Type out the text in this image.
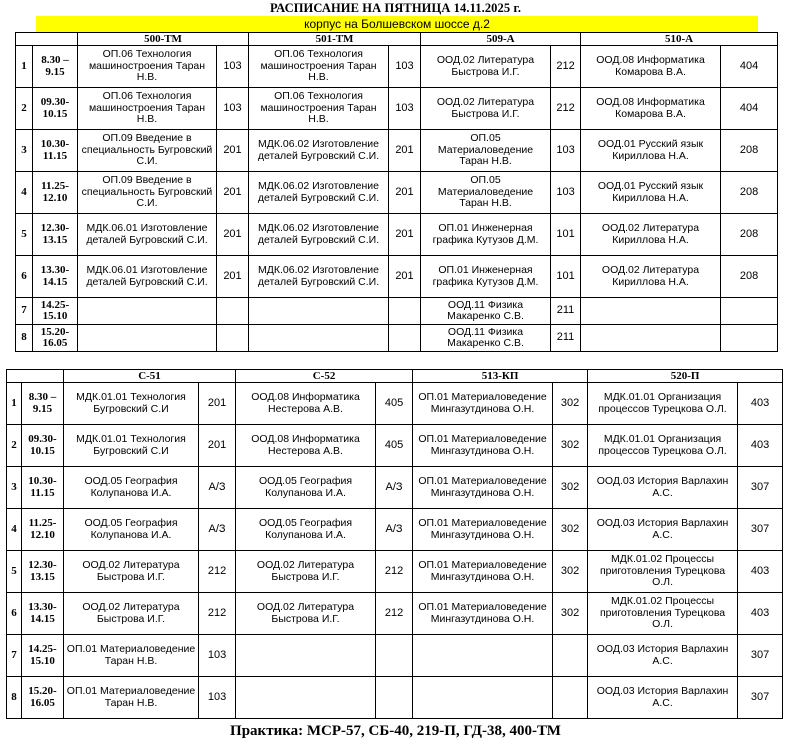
РАСПИСАНИЕ НА ПЯТНИЦА 14.11.2025 г.
корпус на Болшевском шоссе д.2
		500-ТМ		501-ТМ		509-А		510-А	
1	8.30 – 9.15	ОП.06 Технология машиностроения Таран Н.В.	103	ОП.06 Технология машиностроения Таран Н.В.	103	ООД.02 Литература Быстрова И.Г.	212	ООД.08 Информатика Комарова В.А.	404
2	09.30-10.15	ОП.06 Технология машиностроения Таран Н.В.	103	ОП.06 Технология машиностроения Таран Н.В.	103	ООД.02 Литература Быстрова И.Г.	212	ООД.08 Информатика Комарова В.А.	404
3	10.30-11.15	ОП.09 Введение в специальность Бугровский С.И.	201	МДК.06.02 Изготовление деталей Бугровский С.И.	201	ОП.05 Материаловедение Таран Н.В.	103	ООД.01 Русский язык Кириллова Н.А.	208
4	11.25-12.10	ОП.09 Введение в специальность Бугровский С.И.	201	МДК.06.02 Изготовление деталей Бугровский С.И.	201	ОП.05 Материаловедение Таран Н.В.	103	ООД.01 Русский язык Кириллова Н.А.	208
5	12.30-13.15	МДК.06.01 Изготовление деталей Бугровский С.И.	201	МДК.06.02 Изготовление деталей Бугровский С.И.	201	ОП.01 Инженерная графика Кутузов Д.М.	101	ООД.02 Литература Кириллова Н.А.	208
6	13.30-14.15	МДК.06.01 Изготовление деталей Бугровский С.И.	201	МДК.06.02 Изготовление деталей Бугровский С.И.	201	ОП.01 Инженерная графика Кутузов Д.М.	101	ООД.02 Литература Кириллова Н.А.	208
7	14.25-15.10					ООД.11 Физика Макаренко С.В.	211		
8	15.20-16.05					ООД.11 Физика Макаренко С.В.	211		
		С-51		С-52		513-КП		520-П	
1	8.30 – 9.15	МДК.01.01 Технология Бугровский С.И	201	ООД.08 Информатика Нестерова А.В.	405	ОП.01 Материаловедение Мингазутдинова О.Н.	302	МДК.01.01 Организация процессов Турецкова О.Л.	403
2	09.30-10.15	МДК.01.01 Технология Бугровский С.И	201	ООД.08 Информатика Нестерова А.В.	405	ОП.01 Материаловедение Мингазутдинова О.Н.	302	МДК.01.01 Организация процессов Турецкова О.Л.	403
3	10.30-11.15	ООД.05 География Колупанова И.А.	А/З	ООД.05 География Колупанова И.А.	А/З	ОП.01 Материаловедение Мингазутдинова О.Н.	302	ООД.03 История Варлахин А.С.	307
4	11.25-12.10	ООД.05 География Колупанова И.А.	А/З	ООД.05 География Колупанова И.А.	А/З	ОП.01 Материаловедение Мингазутдинова О.Н.	302	ООД.03 История Варлахин А.С.	307
5	12.30-13.15	ООД.02 Литература Быстрова И.Г.	212	ООД.02 Литература Быстрова И.Г.	212	ОП.01 Материаловедение Мингазутдинова О.Н.	302	МДК.01.02 Процессы приготовления Турецкова О.Л.	403
6	13.30-14.15	ООД.02 Литература Быстрова И.Г.	212	ООД.02 Литература Быстрова И.Г.	212	ОП.01 Материаловедение Мингазутдинова О.Н.	302	МДК.01.02 Процессы приготовления Турецкова О.Л.	403
7	14.25-15.10	ОП.01 Материаловедение Таран Н.В.	103					ООД.03 История Варлахин А.С.	307
8	15.20-16.05	ОП.01 Материаловедение Таран Н.В.	103					ООД.03 История Варлахин А.С.	307
Практика: МСР-57, СБ-40, 219-П, ГД-38, 400-ТМ
